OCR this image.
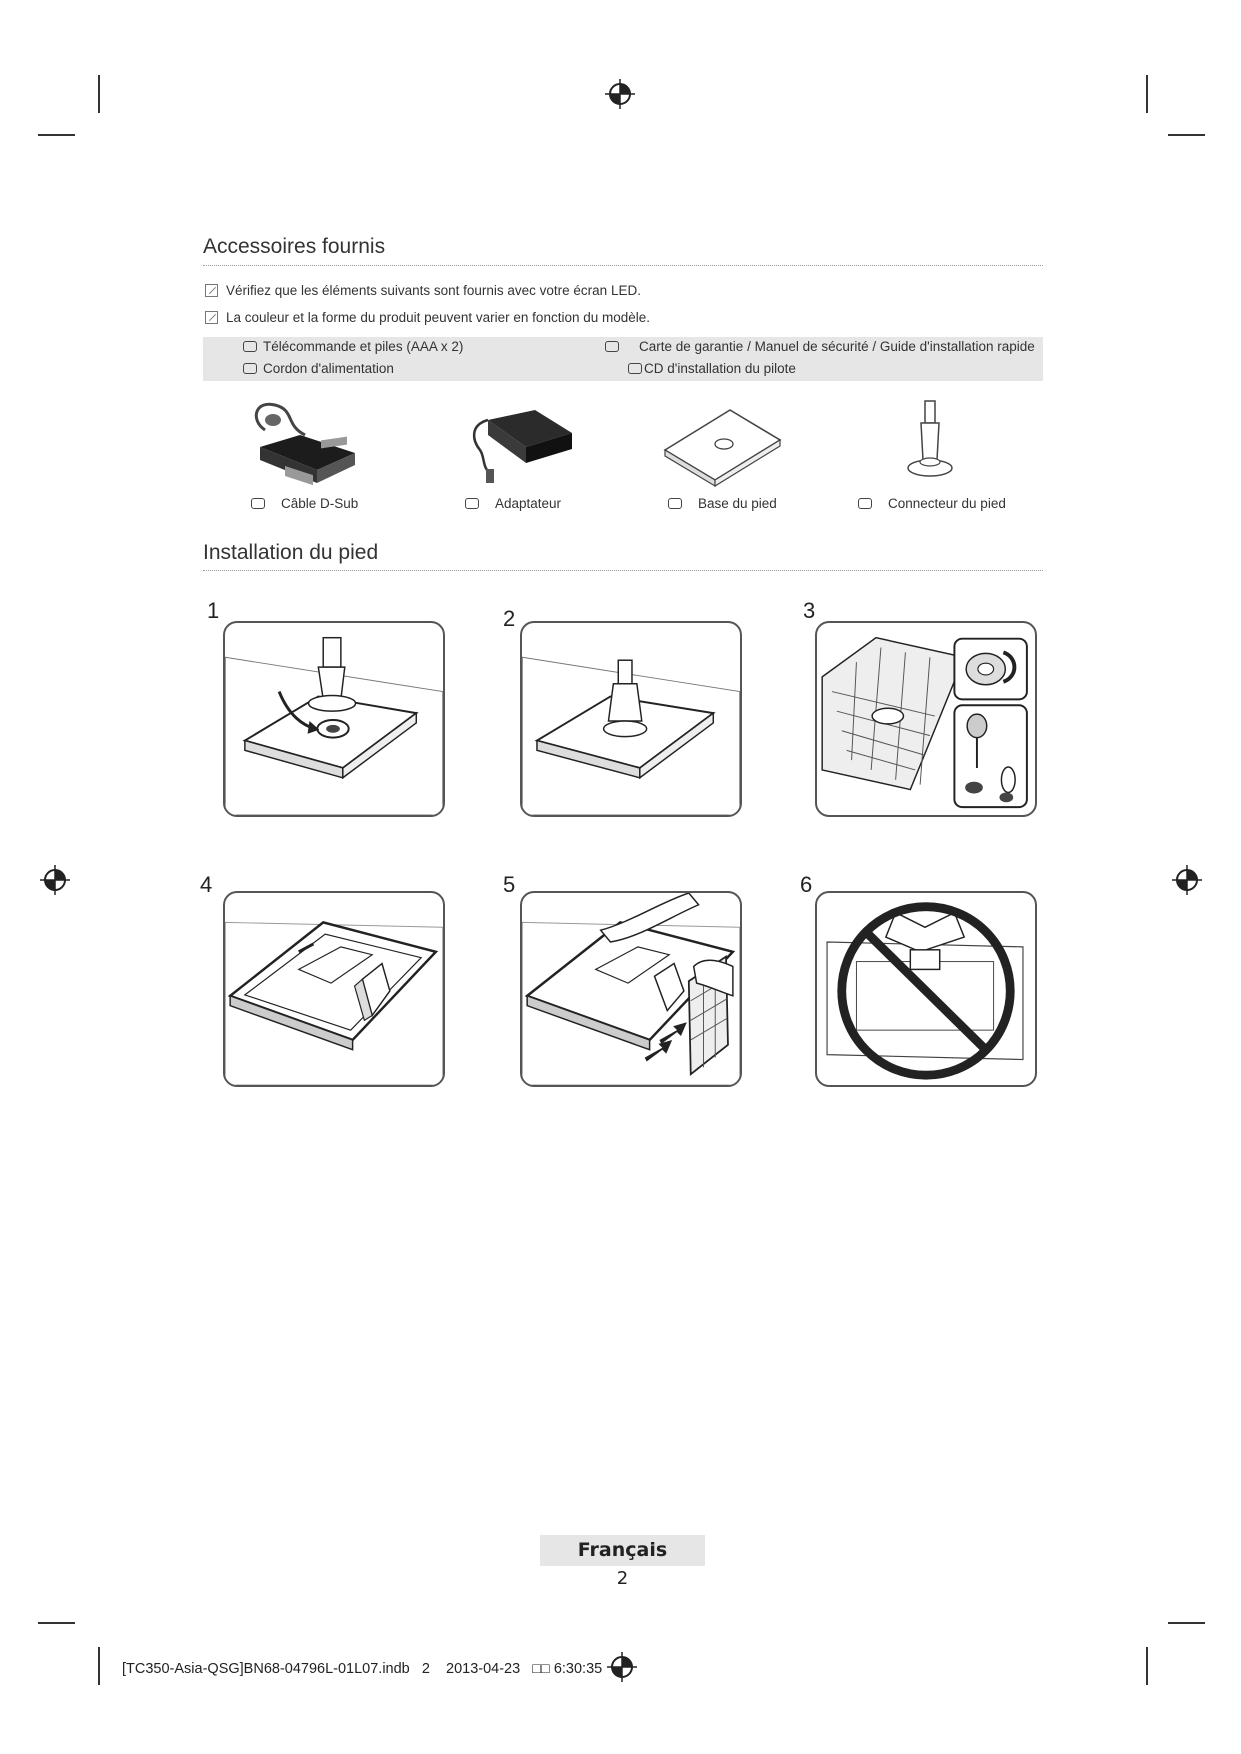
Accessoires fournis
Vérifiez que les éléments suivants sont fournis avec votre écran LED.
La couleur et la forme du produit peuvent varier en fonction du modèle.
Télécommande et piles (AAA x 2)
Cordon d'alimentation
Carte de garantie / Manuel de sécurité / Guide d'installation rapide
CD d'installation du pilote
Câble D-Sub	Adaptateur	Base du pied	Connecteur du pied
Installation du pied
1	2	3
4	5	6
Français
2
[TC350-Asia-QSG]BN68-04796L-01L07.indb   2    2013-04-23   □□ 6:30:35
